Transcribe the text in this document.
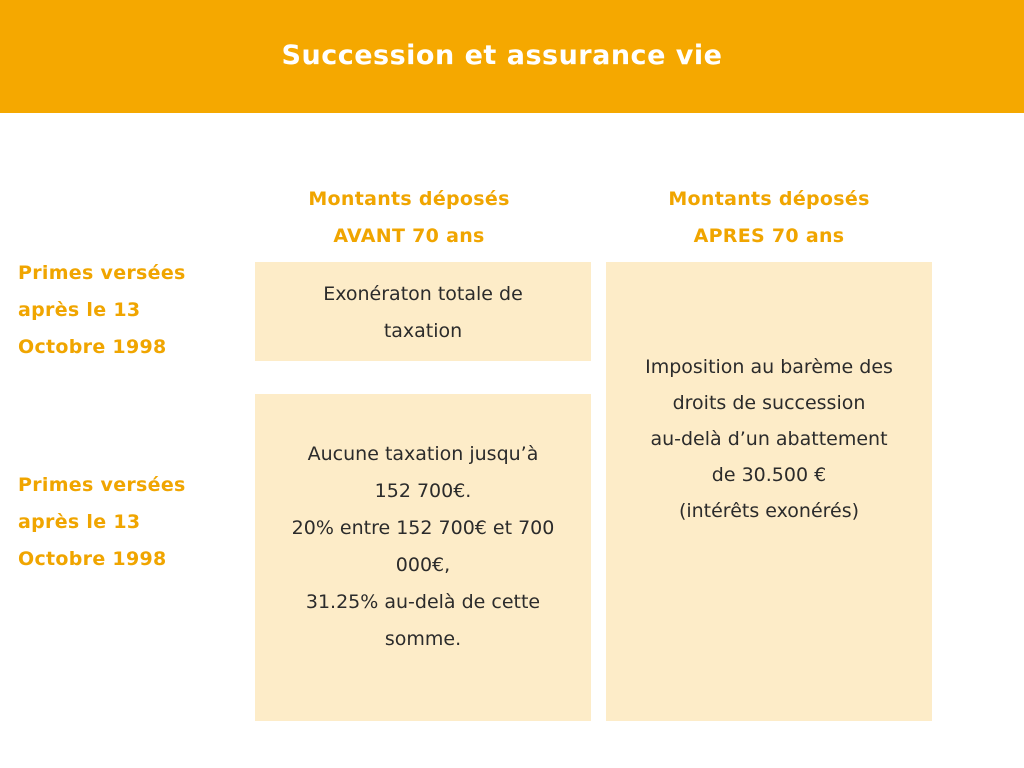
Succession et assurance vie
Montants déposés
AVANT 70 ans
Montants déposés
APRES 70 ans
Primes versées
après le 13
Octobre 1998
Primes versées
après le 13
Octobre 1998
Exonératon totale de
taxation
Aucune taxation jusqu’à
152 700€.
20% entre 152 700€ et 700
000€,
31.25% au-delà de cette
somme.
Imposition au barème des
droits de succession
au-delà d’un abattement
de 30.500 €
(intérêts exonérés)
